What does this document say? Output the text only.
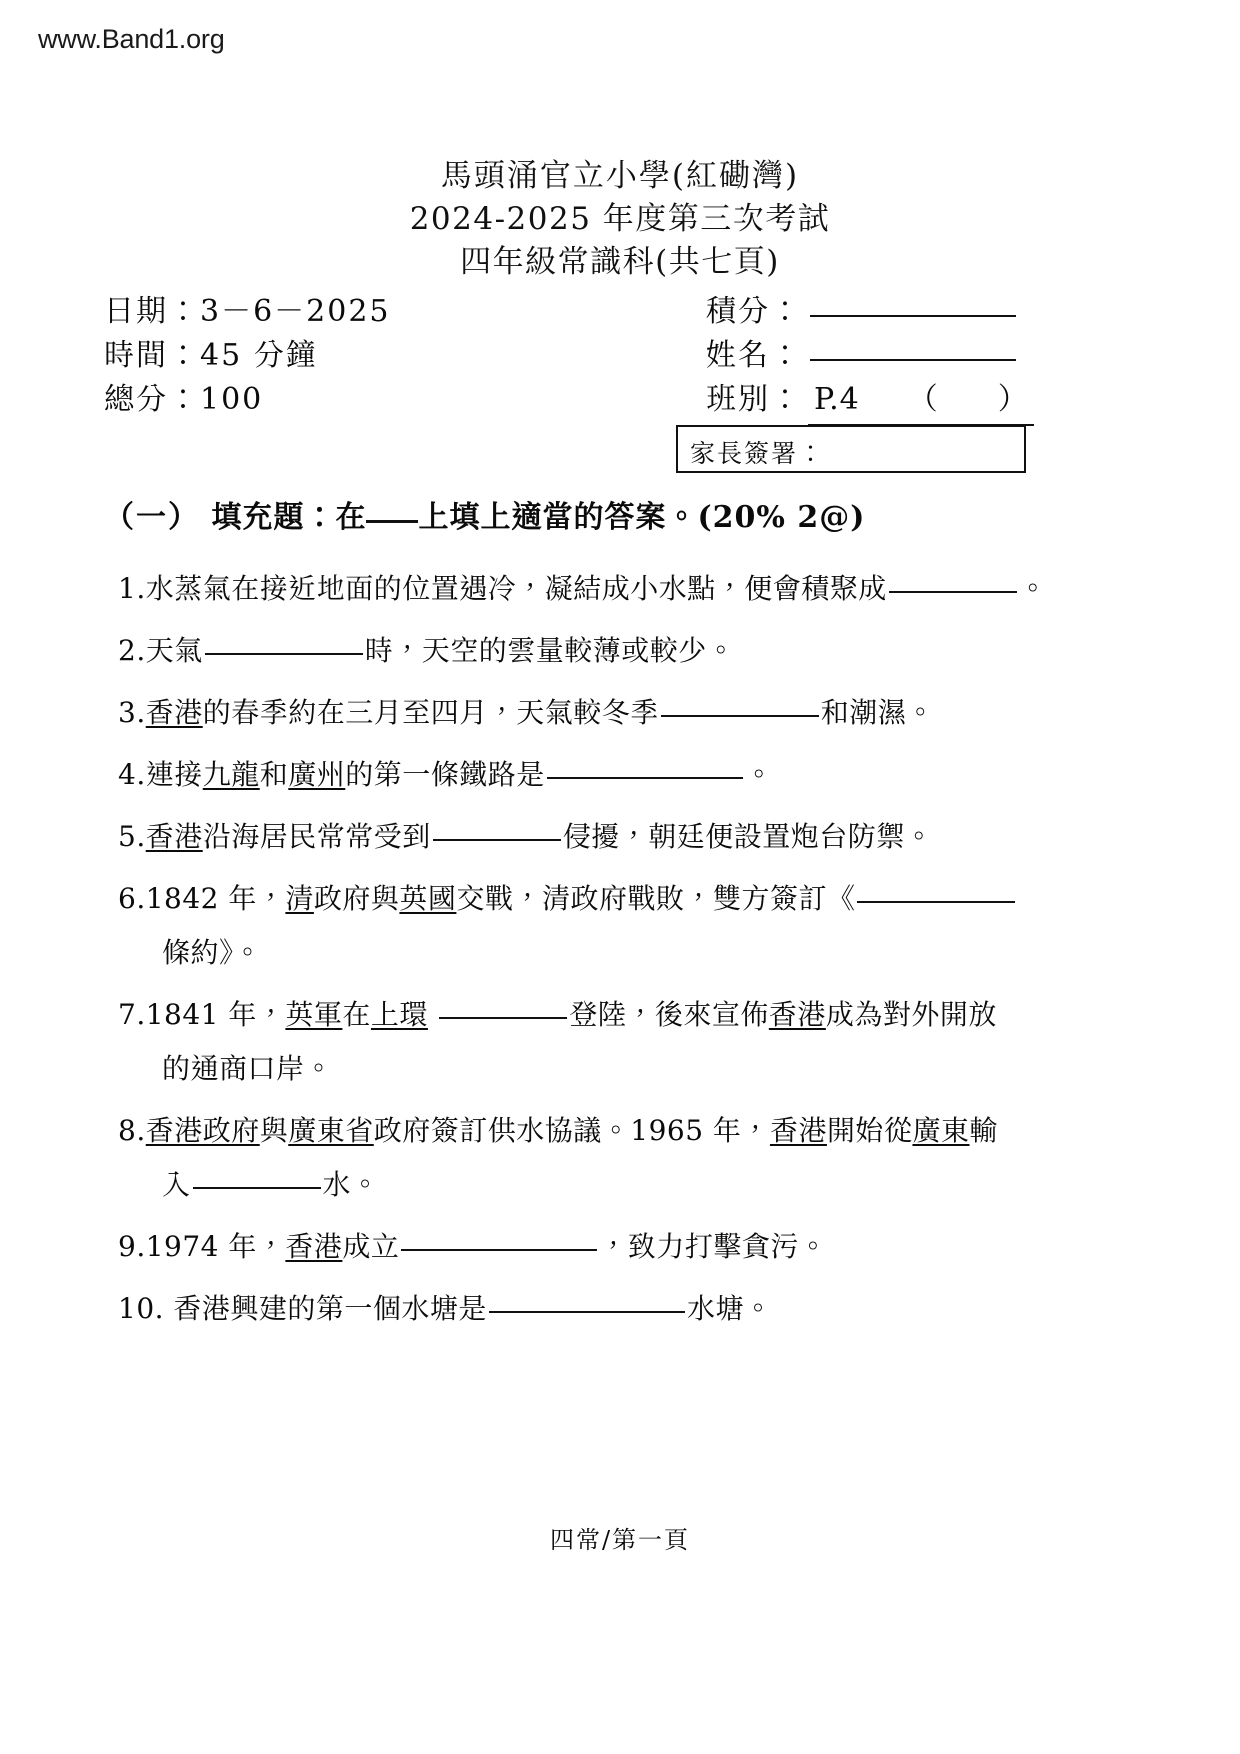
www.Band1.org
馬頭涌官立小學(紅磡灣)
2024-2025 年度第三次考試
四年級常識科(共七頁)
日期：3－6－2025
時間：45 分鐘
總分：100
積分：
姓名：
班別： P.4 （　　）
家長簽署：
（一） 填充題：在 上填上適當的答案。(20% 2@)
1.水蒸氣在接近地面的位置遇冷，凝結成小水點，便會積聚成	。
2.天氣	時，天空的雲量較薄或較少。
3.香港的春季約在三月至四月，天氣較冬季	和潮濕。
4.連接九龍和廣州的第一條鐵路是	。
5.香港沿海居民常常受到	侵擾，朝廷便設置炮台防禦。
6.1842 年，清政府與英國交戰，清政府戰敗，雙方簽訂《
條約》。
7.1841 年，英軍在上環	登陸，後來宣佈香港成為對外開放
的通商口岸。
8.香港政府與廣東省政府簽訂供水協議。1965 年，香港開始從廣東輸
入	水。
9.1974 年，香港成立	，致力打擊貪污。
10. 香港興建的第一個水塘是	水塘。
四常/第一頁
